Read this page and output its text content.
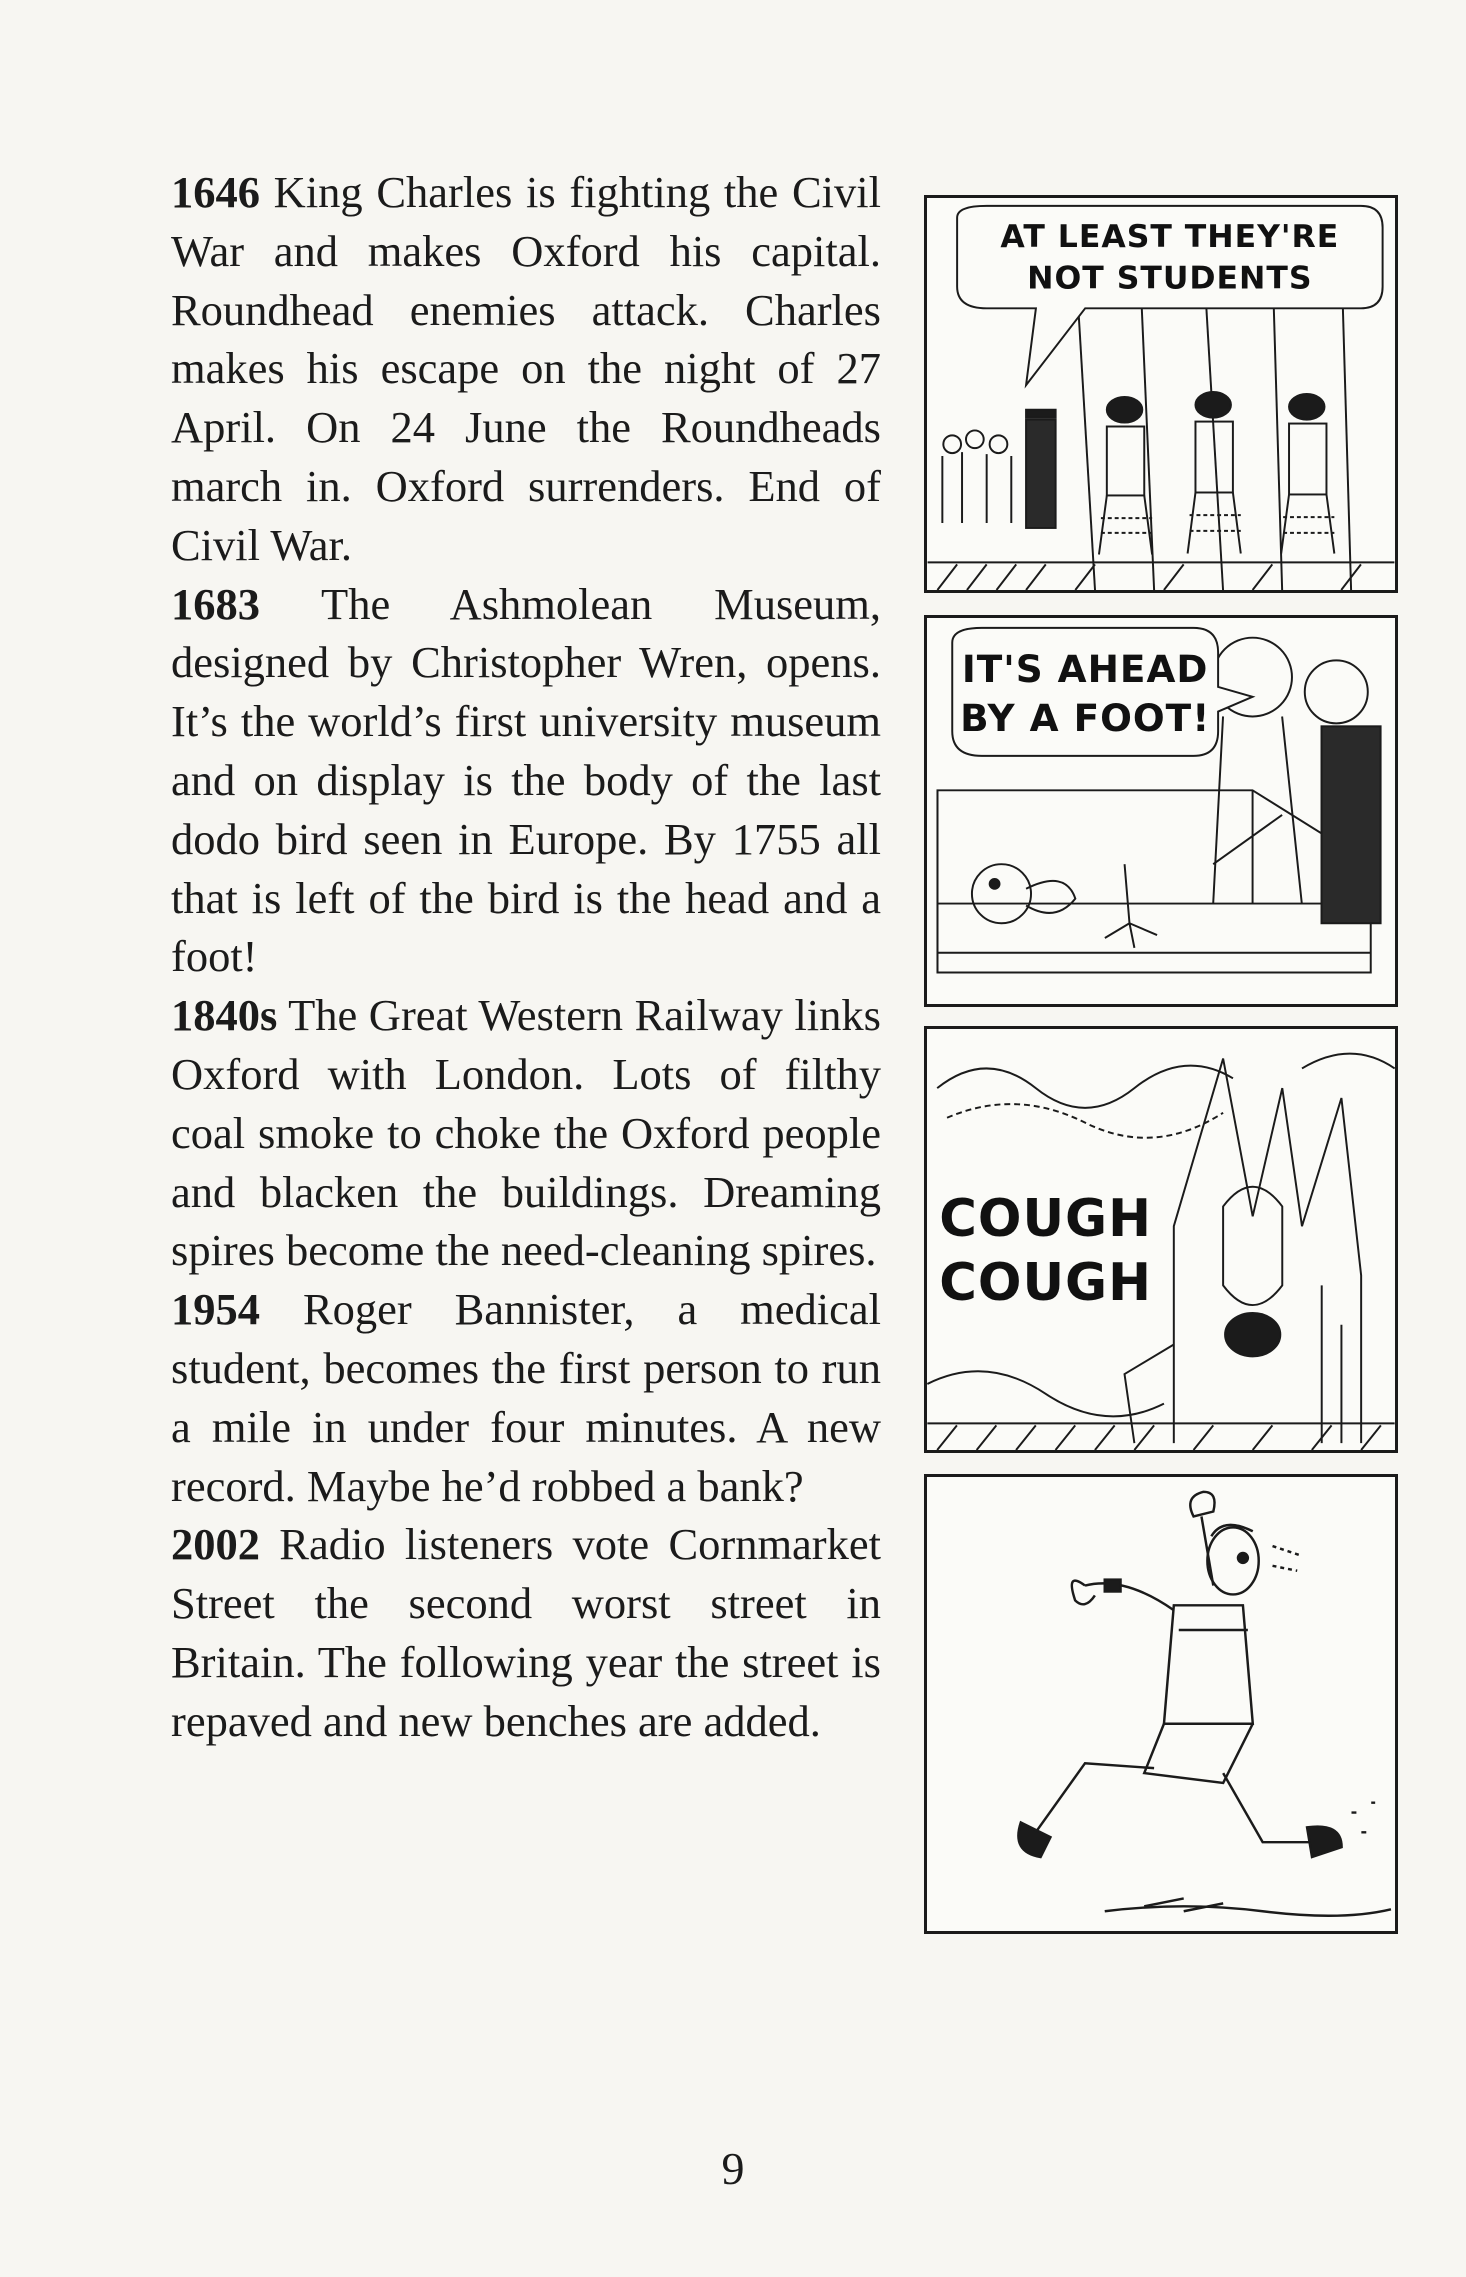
1646 King Charles is fighting the Civil War and makes Oxford his capital. Roundhead enemies attack. Charles makes his escape on the night of 27 April. On 24 June the Roundheads march in. Oxford surrenders. End of Civil War.

1683 The Ashmolean Museum, designed by Christopher Wren, opens. It’s the world’s first university museum and on display is the body of the last dodo bird seen in Europe. By 1755 all that is left of the bird is the head and a foot!

1840s The Great Western Railway links Oxford with London. Lots of filthy coal smoke to choke the Oxford people and blacken the buildings. Dreaming spires become the need-cleaning spires.

1954 Roger Bannister, a medical student, becomes the first person to run a mile in under four minutes. A new record. Maybe he’d robbed a bank?

2002 Radio listeners vote Cornmarket Street the second worst street in Britain. The following year the street is repaved and new benches are added.

AT LEAST THEY'RE
NOT STUDENTS
IT'S AHEAD
BY A FOOT!
COUGH
COUGH
9
